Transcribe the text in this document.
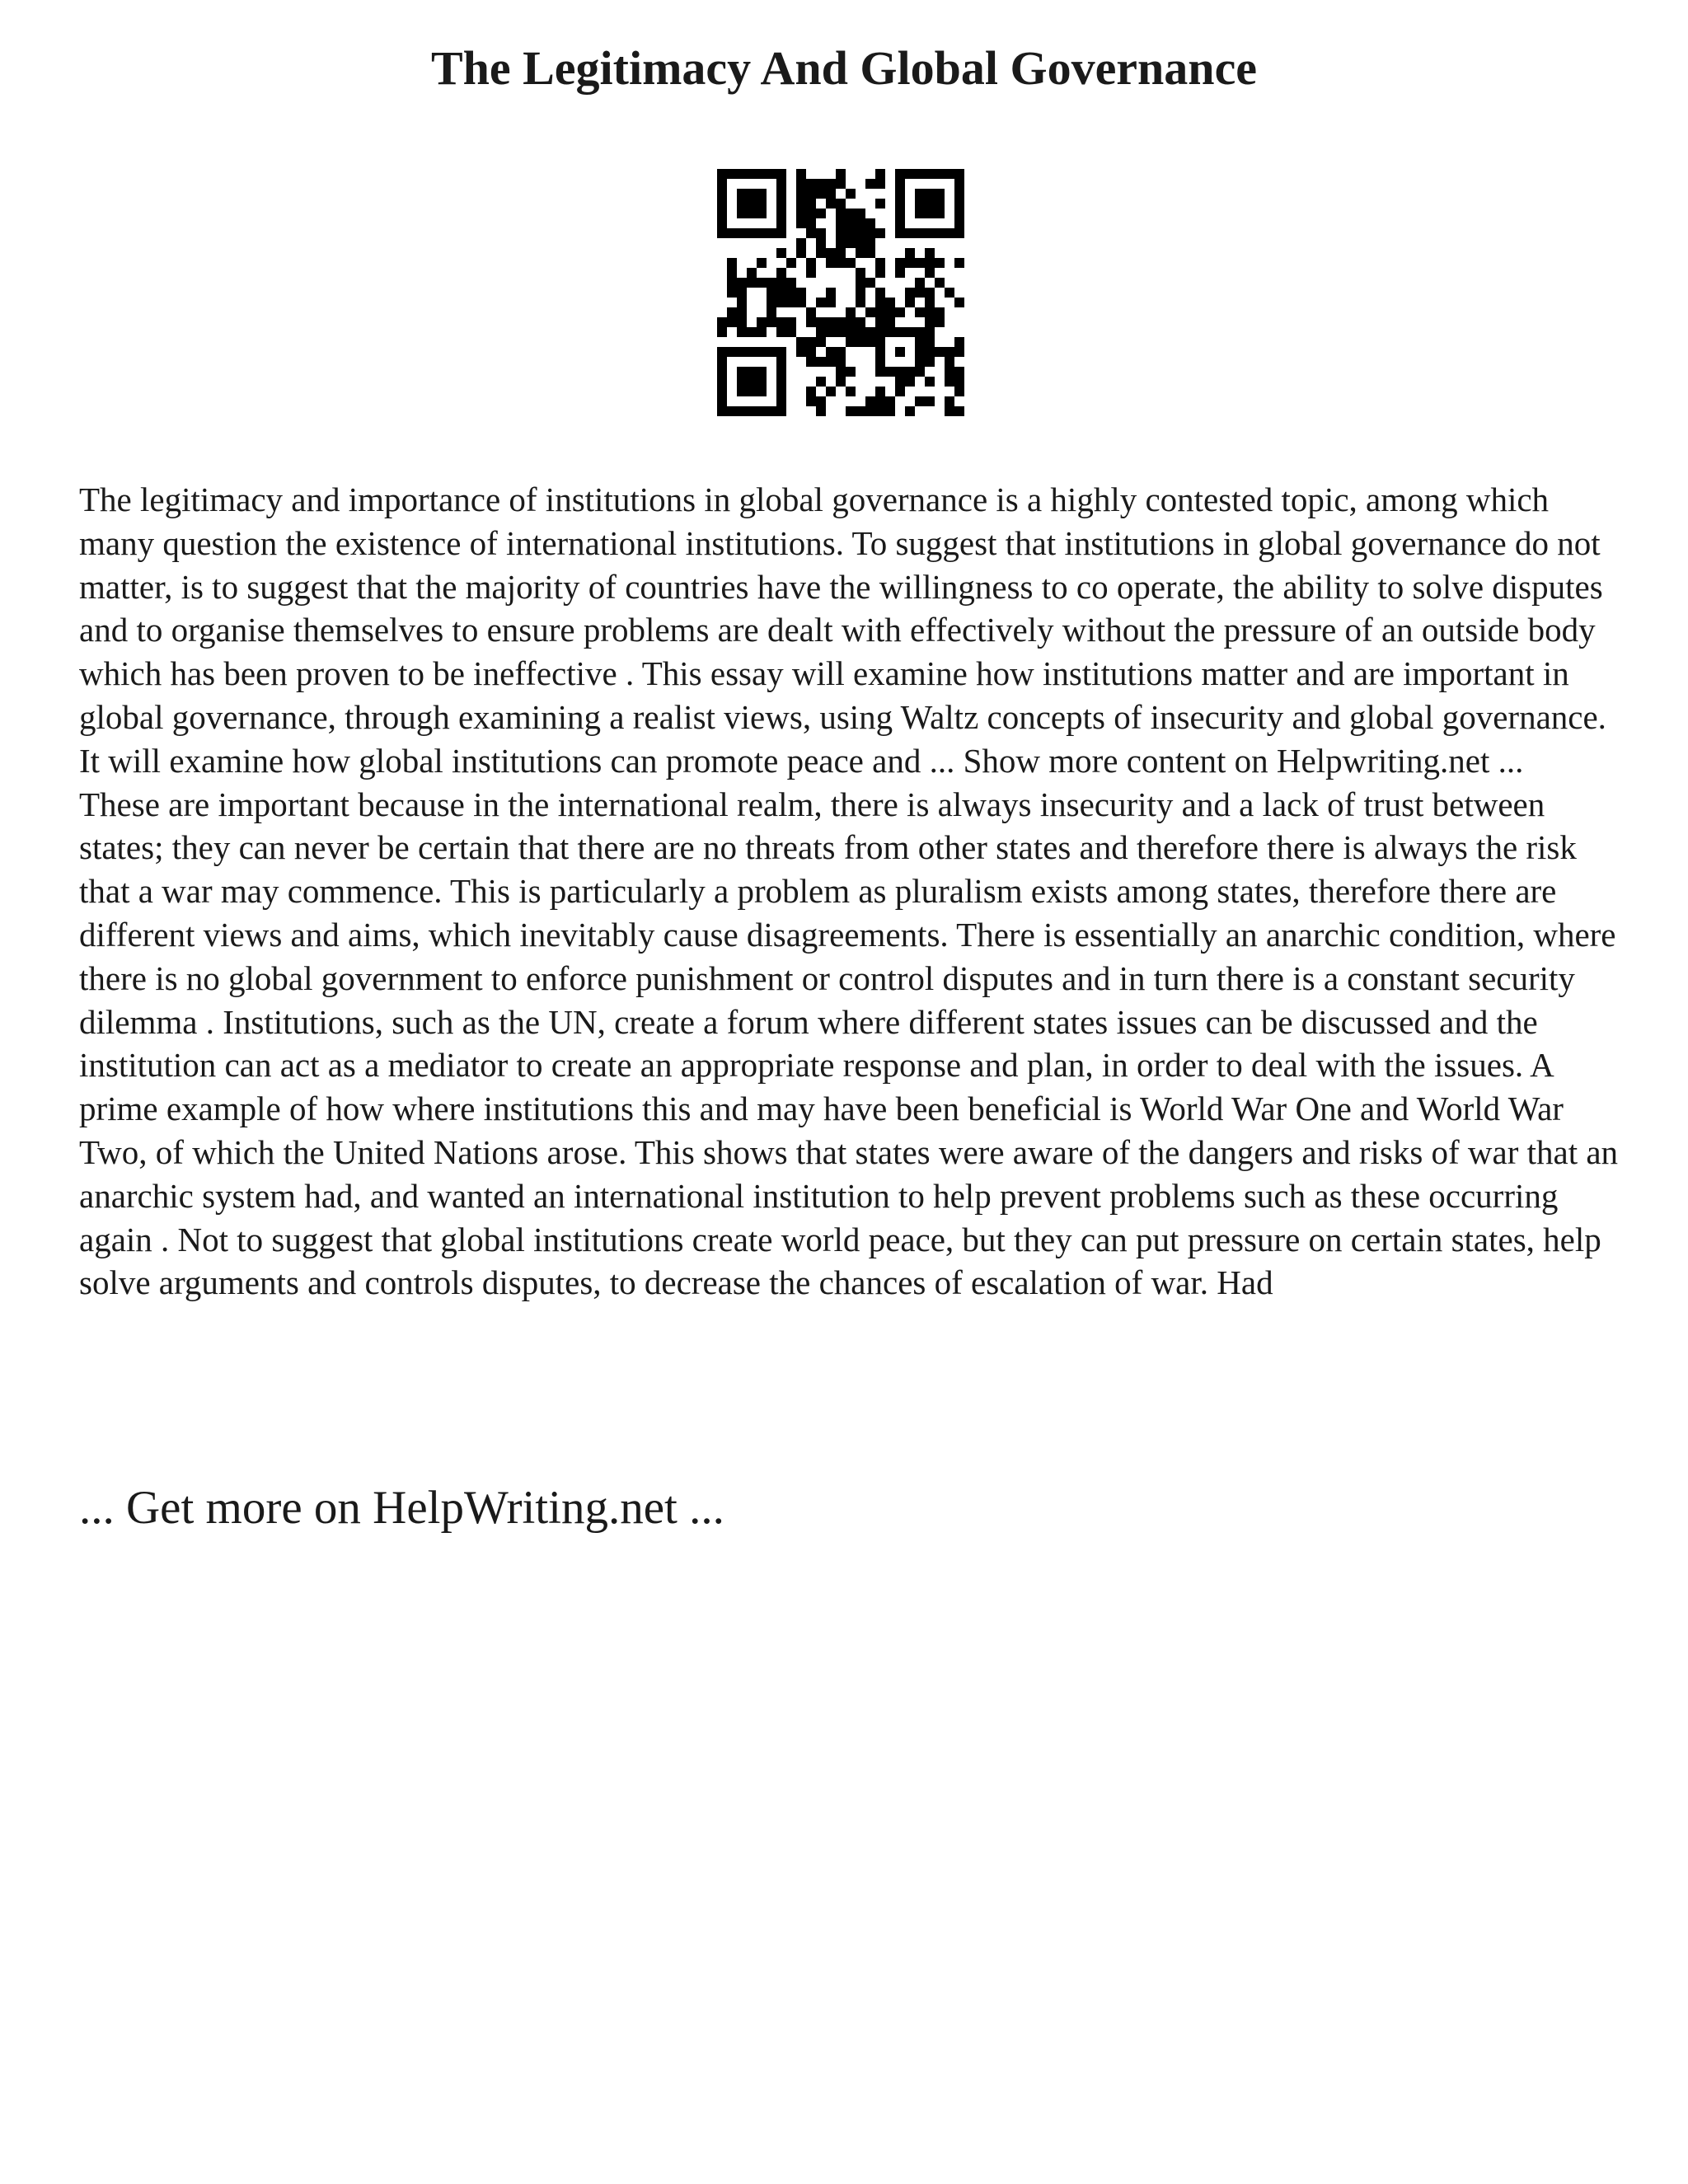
The Legitimacy And Global Governance

The legitimacy and importance of institutions in global governance is a highly contested topic, among which many question the existence of international institutions. To suggest that institutions in global governance do not matter, is to suggest that the majority of countries have the willingness to co operate, the ability to solve disputes and to organise themselves to ensure problems are dealt with effectively without the pressure of an outside body which has been proven to be ineffective . This essay will examine how institutions matter and are important in global governance, through examining a realist views, using Waltz concepts of insecurity and global governance. It will examine how global institutions can promote peace and ... Show more content on Helpwriting.net ...

These are important because in the international realm, there is always insecurity and a lack of trust between states; they can never be certain that there are no threats from other states and therefore there is always the risk that a war may commence. This is particularly a problem as pluralism exists among states, therefore there are different views and aims, which inevitably cause disagreements. There is essentially an anarchic condition, where there is no global government to enforce punishment or control disputes and in turn there is a constant security dilemma . Institutions, such as the UN, create a forum where different states issues can be discussed and the institution can act as a mediator to create an appropriate response and plan, in order to deal with the issues. A prime example of how where institutions this and may have been beneficial is World War One and World War Two, of which the United Nations arose. This shows that states were aware of the dangers and risks of war that an anarchic system had, and wanted an international institution to help prevent problems such as these occurring again . Not to suggest that global institutions create world peace, but they can put pressure on certain states, help solve arguments and controls disputes, to decrease the chances of escalation of war. Had

... Get more on HelpWriting.net ...
